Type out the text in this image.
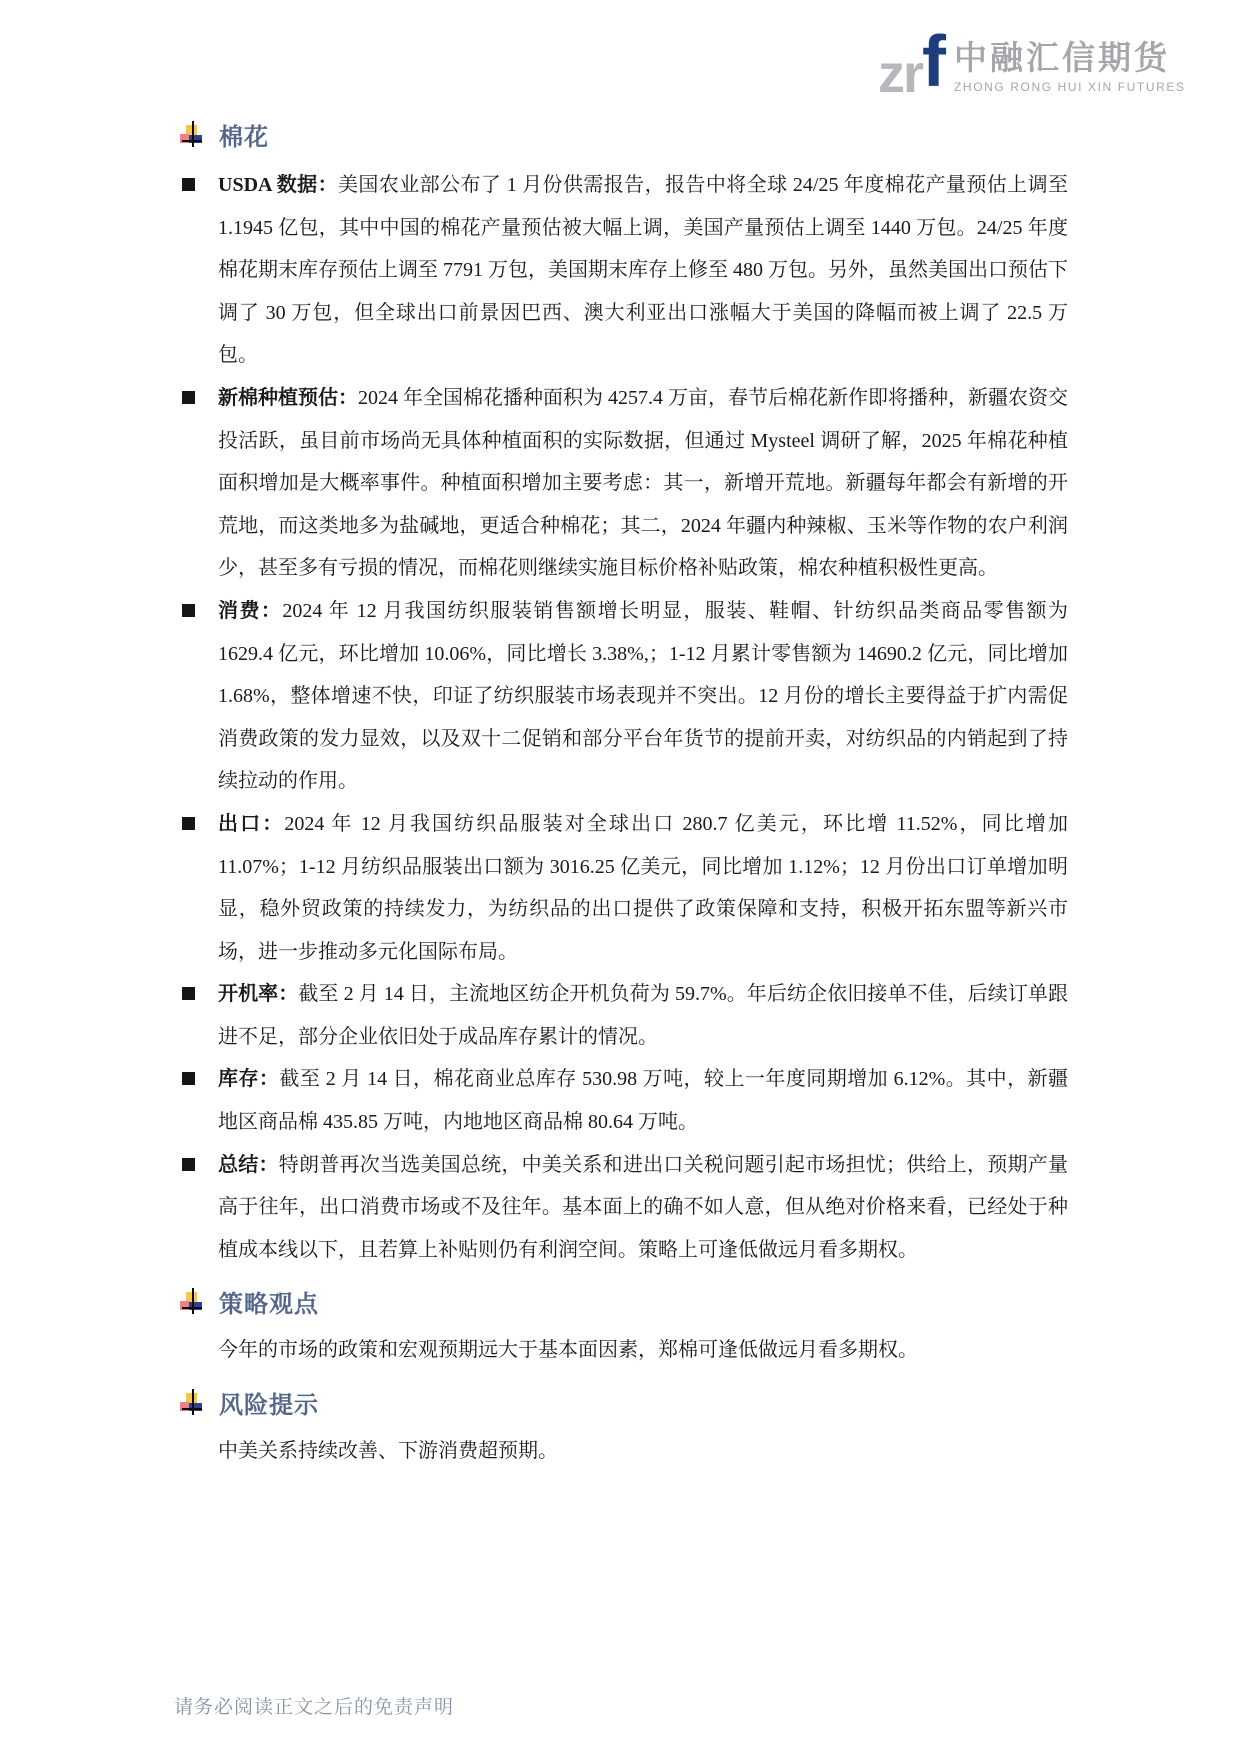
zrf 中融汇信期货
ZHONG RONG HUI XIN FUTURES
棉花
USDA 数据：美国农业部公布了 1 月份供需报告，报告中将全球 24/25 年度棉花产量预估上调至 1.1945 亿包，其中中国的棉花产量预估被大幅上调，美国产量预估上调至 1440 万包。24/25 年度棉花期末库存预估上调至 7791 万包，美国期末库存上修至 480 万包。另外，虽然美国出口预估下调了 30 万包，但全球出口前景因巴西、澳大利亚出口涨幅大于美国的降幅而被上调了 22.5 万包。
新棉种植预估：2024 年全国棉花播种面积为 4257.4 万亩，春节后棉花新作即将播种，新疆农资交投活跃，虽目前市场尚无具体种植面积的实际数据，但通过 Mysteel 调研了解，2025 年棉花种植面积增加是大概率事件。种植面积增加主要考虑：其一，新增开荒地。新疆每年都会有新增的开荒地，而这类地多为盐碱地，更适合种棉花；其二，2024 年疆内种辣椒、玉米等作物的农户利润少，甚至多有亏损的情况，而棉花则继续实施目标价格补贴政策，棉农种植积极性更高。
消费：2024 年 12 月我国纺织服装销售额增长明显，服装、鞋帽、针纺织品类商品零售额为 1629.4 亿元，环比增加 10.06%，同比增长 3.38%,；1-12 月累计零售额为 14690.2 亿元，同比增加 1.68%，整体增速不快，印证了纺织服装市场表现并不突出。12 月份的增长主要得益于扩内需促消费政策的发力显效，以及双十二促销和部分平台年货节的提前开卖，对纺织品的内销起到了持续拉动的作用。
出口：2024 年 12 月我国纺织品服装对全球出口 280.7 亿美元，环比增 11.52%，同比增加 11.07%；1-12 月纺织品服装出口额为 3016.25 亿美元，同比增加 1.12%；12 月份出口订单增加明显，稳外贸政策的持续发力，为纺织品的出口提供了政策保障和支持，积极开拓东盟等新兴市场，进一步推动多元化国际布局。
开机率：截至 2 月 14 日，主流地区纺企开机负荷为 59.7%。年后纺企依旧接单不佳，后续订单跟进不足，部分企业依旧处于成品库存累计的情况。
库存：截至 2 月 14 日，棉花商业总库存 530.98 万吨，较上一年度同期增加 6.12%。其中，新疆地区商品棉 435.85 万吨，内地地区商品棉 80.64 万吨。
总结：特朗普再次当选美国总统，中美关系和进出口关税问题引起市场担忧；供给上，预期产量高于往年，出口消费市场或不及往年。基本面上的确不如人意，但从绝对价格来看，已经处于种植成本线以下，且若算上补贴则仍有利润空间。策略上可逢低做远月看多期权。
策略观点

今年的市场的政策和宏观预期远大于基本面因素，郑棉可逢低做远月看多期权。

风险提示

中美关系持续改善、下游消费超预期。

请务必阅读正文之后的免责声明
